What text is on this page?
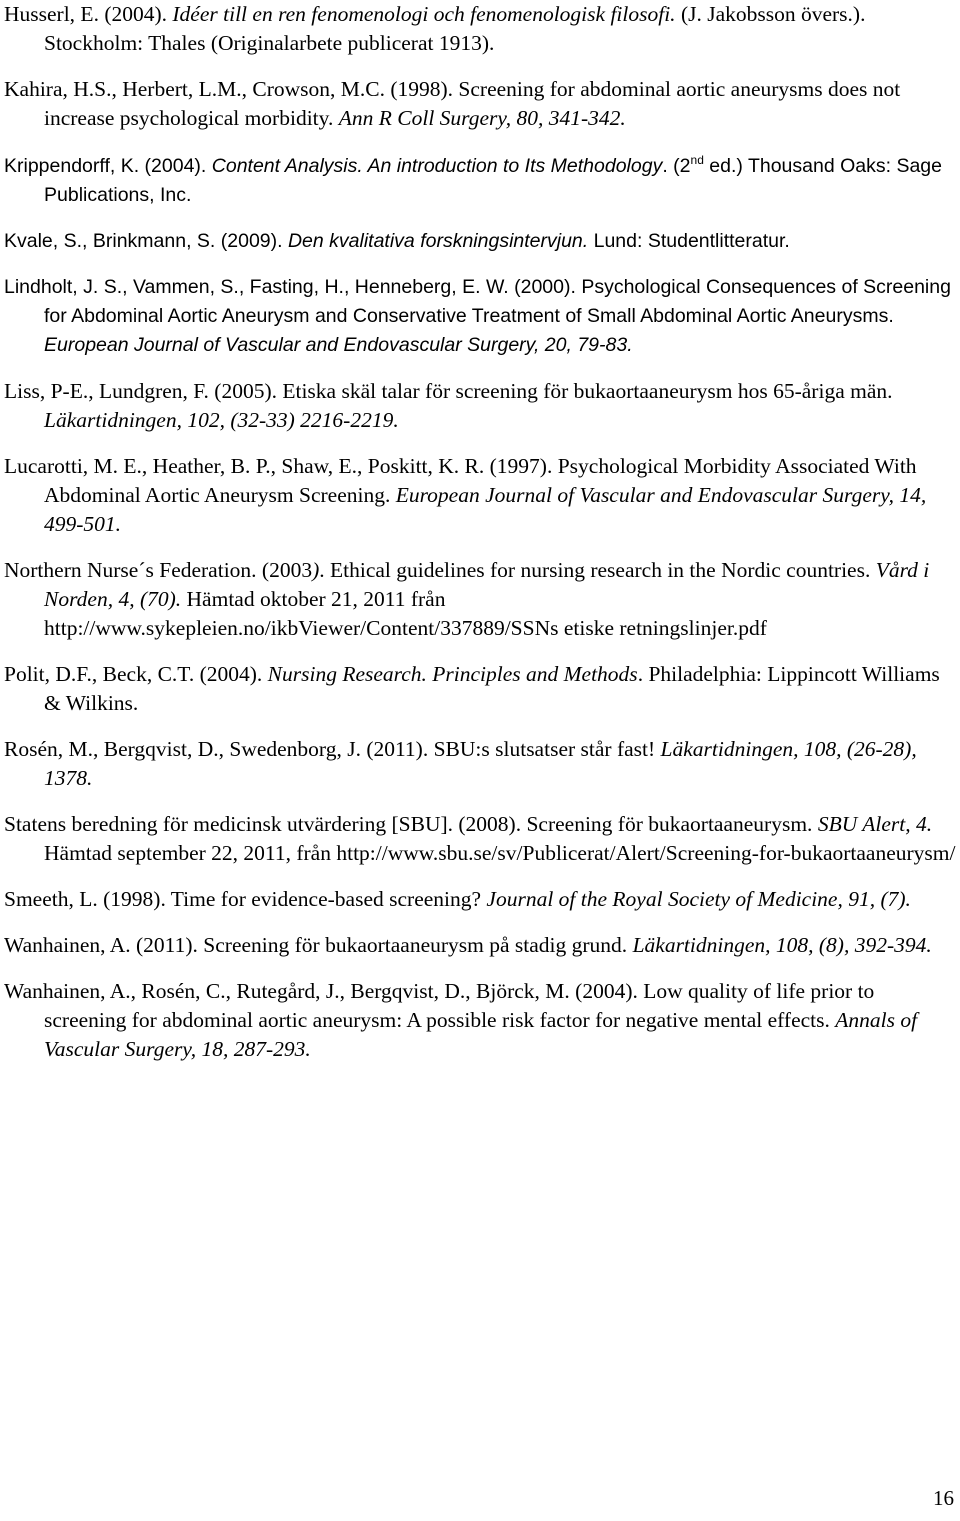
Husserl, E. (2004). Idéer till en ren fenomenologi och fenomenologisk filosofi. (J. Jakobsson övers.). Stockholm: Thales (Originalarbete publicerat 1913).

Kahira, H.S., Herbert, L.M., Crowson, M.C. (1998). Screening for abdominal aortic aneurysms does not increase psychological morbidity. Ann R Coll Surgery, 80, 341-342.

Krippendorff, K. (2004). Content Analysis. An introduction to Its Methodology. (2nd ed.) Thousand Oaks: Sage Publications, Inc.

Kvale, S., Brinkmann, S. (2009). Den kvalitativa forskningsintervjun. Lund: Studentlitteratur.

Lindholt, J. S., Vammen, S., Fasting, H., Henneberg, E. W. (2000). Psychological Consequences of Screening for Abdominal Aortic Aneurysm and Conservative Treatment of Small Abdominal Aortic Aneurysms. European Journal of Vascular and Endovascular Surgery, 20, 79-83.

Liss, P-E., Lundgren, F. (2005). Etiska skäl talar för screening för bukaortaaneurysm hos 65-åriga män. Läkartidningen, 102, (32-33) 2216-2219.

Lucarotti, M. E., Heather, B. P., Shaw, E., Poskitt, K. R. (1997). Psychological Morbidity Associated With Abdominal Aortic Aneurysm Screening. European Journal of Vascular and Endovascular Surgery, 14, 499-501.

Northern Nurse´s Federation. (2003). Ethical guidelines for nursing research in the Nordic countries. Vård i Norden, 4, (70). Hämtad oktober 21, 2011 från http://www.sykepleien.no/ikbViewer/Content/337889/SSNs etiske retningslinjer.pdf

Polit, D.F., Beck, C.T. (2004). Nursing Research. Principles and Methods. Philadelphia: Lippincott Williams & Wilkins.

Rosén, M., Bergqvist, D., Swedenborg, J. (2011). SBU:s slutsatser står fast! Läkartidningen, 108, (26-28), 1378.

Statens beredning för medicinsk utvärdering [SBU]. (2008). Screening för bukaortaaneurysm. SBU Alert, 4. Hämtad september 22, 2011, från http://www.sbu.se/sv/Publicerat/Alert/Screening-for-bukaortaaneurysm/

Smeeth, L. (1998). Time for evidence-based screening? Journal of the Royal Society of Medicine, 91, (7).

Wanhainen, A. (2011). Screening för bukaortaaneurysm på stadig grund. Läkartidningen, 108, (8), 392-394.

Wanhainen, A., Rosén, C., Rutegård, J., Bergqvist, D., Björck, M. (2004). Low quality of life prior to screening for abdominal aortic aneurysm: A possible risk factor for negative mental effects. Annals of Vascular Surgery, 18, 287-293.

16
